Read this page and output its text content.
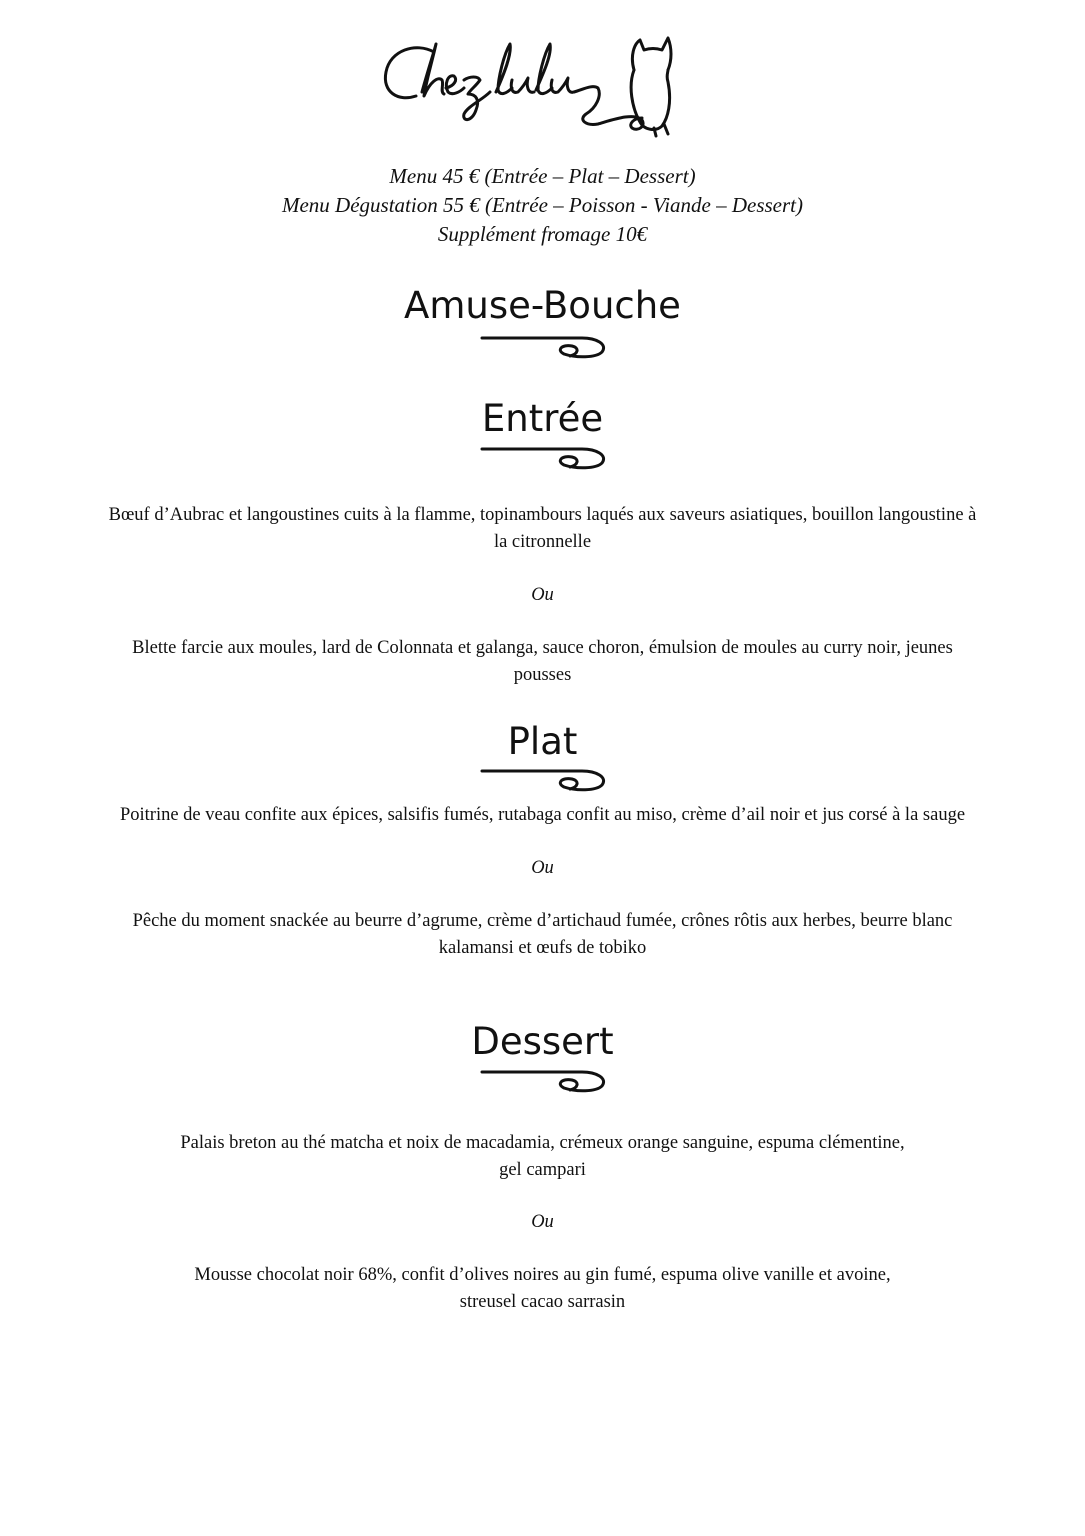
Menu 45 € (Entrée – Plat – Dessert)

Menu Dégustation 55 € (Entrée – Poisson - Viande – Dessert)

Supplément fromage 10€

Amuse-Bouche
Entrée

Bœuf d’Aubrac et langoustines cuits à la flamme, topinambours laqués aux saveurs asiatiques, bouillon langoustine à

la citronnelle

Ou

Blette farcie aux moules, lard de Colonnata et galanga, sauce choron, émulsion de moules au curry noir, jeunes

pousses

Plat

Poitrine de veau confite aux épices, salsifis fumés, rutabaga confit au miso, crème d’ail noir et jus corsé à la sauge

Ou

Pêche du moment snackée au beurre d’agrume, crème d’artichaud fumée, crônes rôtis aux herbes, beurre blanc

kalamansi et œufs de tobiko

Dessert

Palais breton au thé matcha et noix de macadamia, crémeux orange sanguine, espuma clémentine,

gel campari

Ou

Mousse chocolat noir 68%, confit d’olives noires au gin fumé, espuma olive vanille et avoine,

streusel cacao sarrasin
